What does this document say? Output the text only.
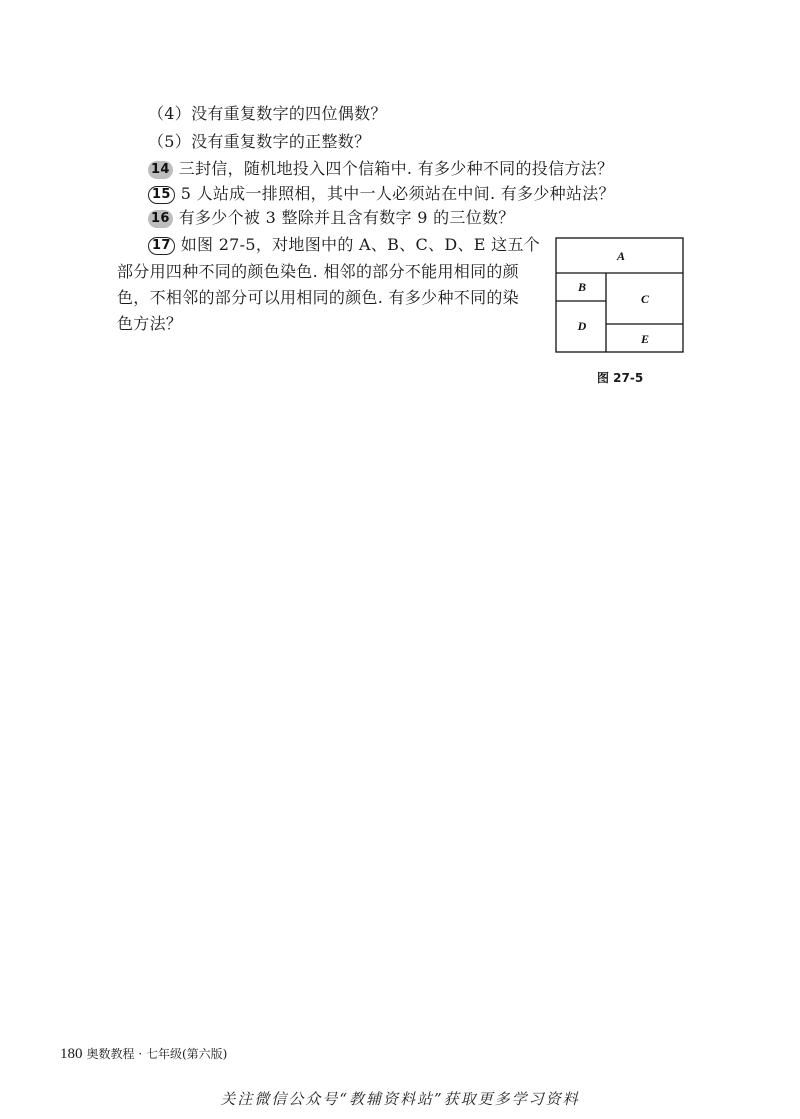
（4）没有重复数字的四位偶数？
（5）没有重复数字的正整数？
14 三封信，随机地投入四个信箱中. 有多少种不同的投信方法？
15 5 人站成一排照相，其中一人必须站在中间. 有多少种站法？
16 有多少个被 3 整除并且含有数字 9 的三位数？
17 如图 27-5，对地图中的 A、B、C、D、E 这五个
部分用四种不同的颜色染色. 相邻的部分不能用相同的颜
色，不相邻的部分可以用相同的颜色. 有多少种不同的染
色方法？
A
B
C
D
E
图 27-5
180 奥数教程 · 七年级(第六版)
关注微信公众号“教辅资料站”获取更多学习资料
